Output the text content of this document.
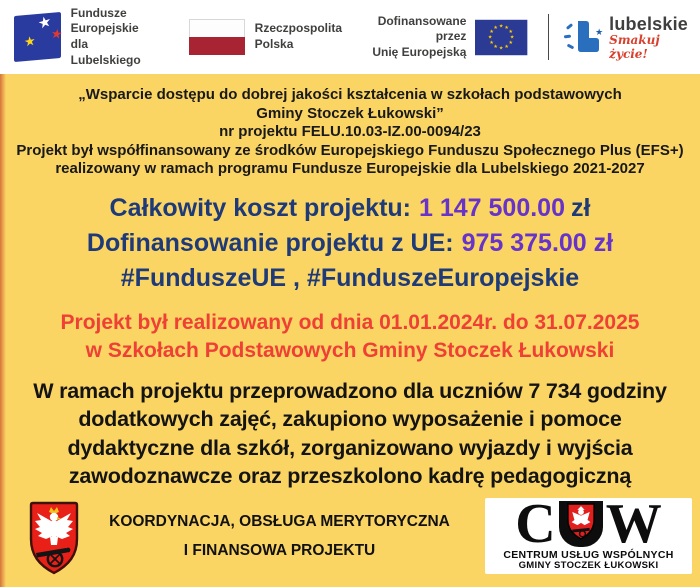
★
★
★
Fundusze Europejskie
dla Lubelskiego
Rzeczpospolita
Polska
Dofinansowane przez
Unię Europejską
★ ★
★
★
★
★
★
★
★
★
★
★	★ lubelskie
Smakuj życie!
„Wsparcie dostępu do dobrej jakości kształcenia w szkołach podstawowych
Gminy Stoczek Łukowski”
nr projektu FELU.10.03-IZ.00-0094/23
Projekt był współfinansowany ze środków Europejskiego Funduszu Społecznego Plus (EFS+)
realizowany w ramach programu Fundusze Europejskie dla Lubelskiego 2021-2027
Całkowity koszt projektu: 1 147 500.00 zł
Dofinansowanie projektu z UE: 975 375.00 zł
#FunduszeUE , #FunduszeEuropejskie
Projekt był realizowany od dnia 01.01.2024r. do 31.07.2025
w Szkołach Podstawowych Gminy Stoczek Łukowski
W ramach projektu przeprowadzono dla uczniów 7 734 godziny
dodatkowych zajęć, zakupiono wyposażenie i pomoce
dydaktyczne dla szkół, zorganizowano wyjazdy i wyjścia
zawodoznawcze oraz przeszkolono kadrę pedagogiczną
KOORDYNACJA, OBSŁUGA MERYTORYCZNA
I FINANSOWA PROJEKTU	C W
CENTRUM USŁUG WSPÓLNYCH
GMINY STOCZEK ŁUKOWSKI
